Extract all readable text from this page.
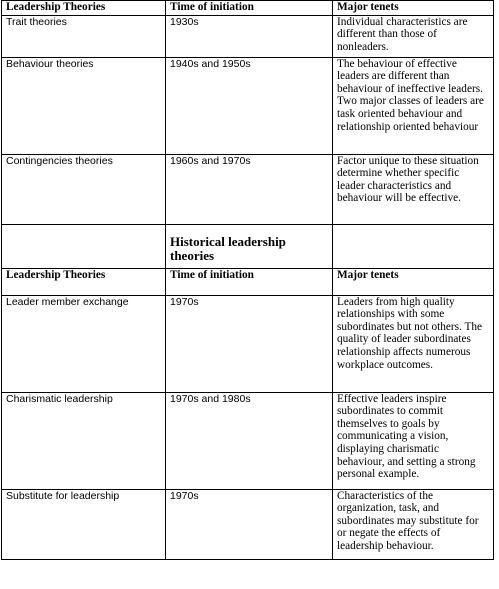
Leadership Theories	Time of initiation	Major tenets
Trait theories	1930s	Individual characteristics are different than those of nonleaders.
Behaviour theories	1940s and 1950s	The behaviour of effective leaders are different than behaviour of ineffective leaders. Two major classes of leaders are task oriented behaviour and relationship oriented behaviour
Contingencies theories	1960s and 1970s	Factor unique to these situation determine whether specific leader characteristics and behaviour will be effective.
	Historical leadership theories	
Leadership Theories	Time of initiation	Major tenets
Leader member exchange	1970s	Leaders from high quality relationships with some subordinates but not others. The quality of leader subordinates relationship affects numerous workplace outcomes.
Charismatic leadership	1970s and 1980s	Effective leaders inspire subordinates to commit themselves to goals by communicating a vision, displaying charismatic behaviour, and setting a strong personal example.
Substitute for leadership	1970s	Characteristics of the organization, task, and subordinates may substitute for or negate the effects of leadership behaviour.
